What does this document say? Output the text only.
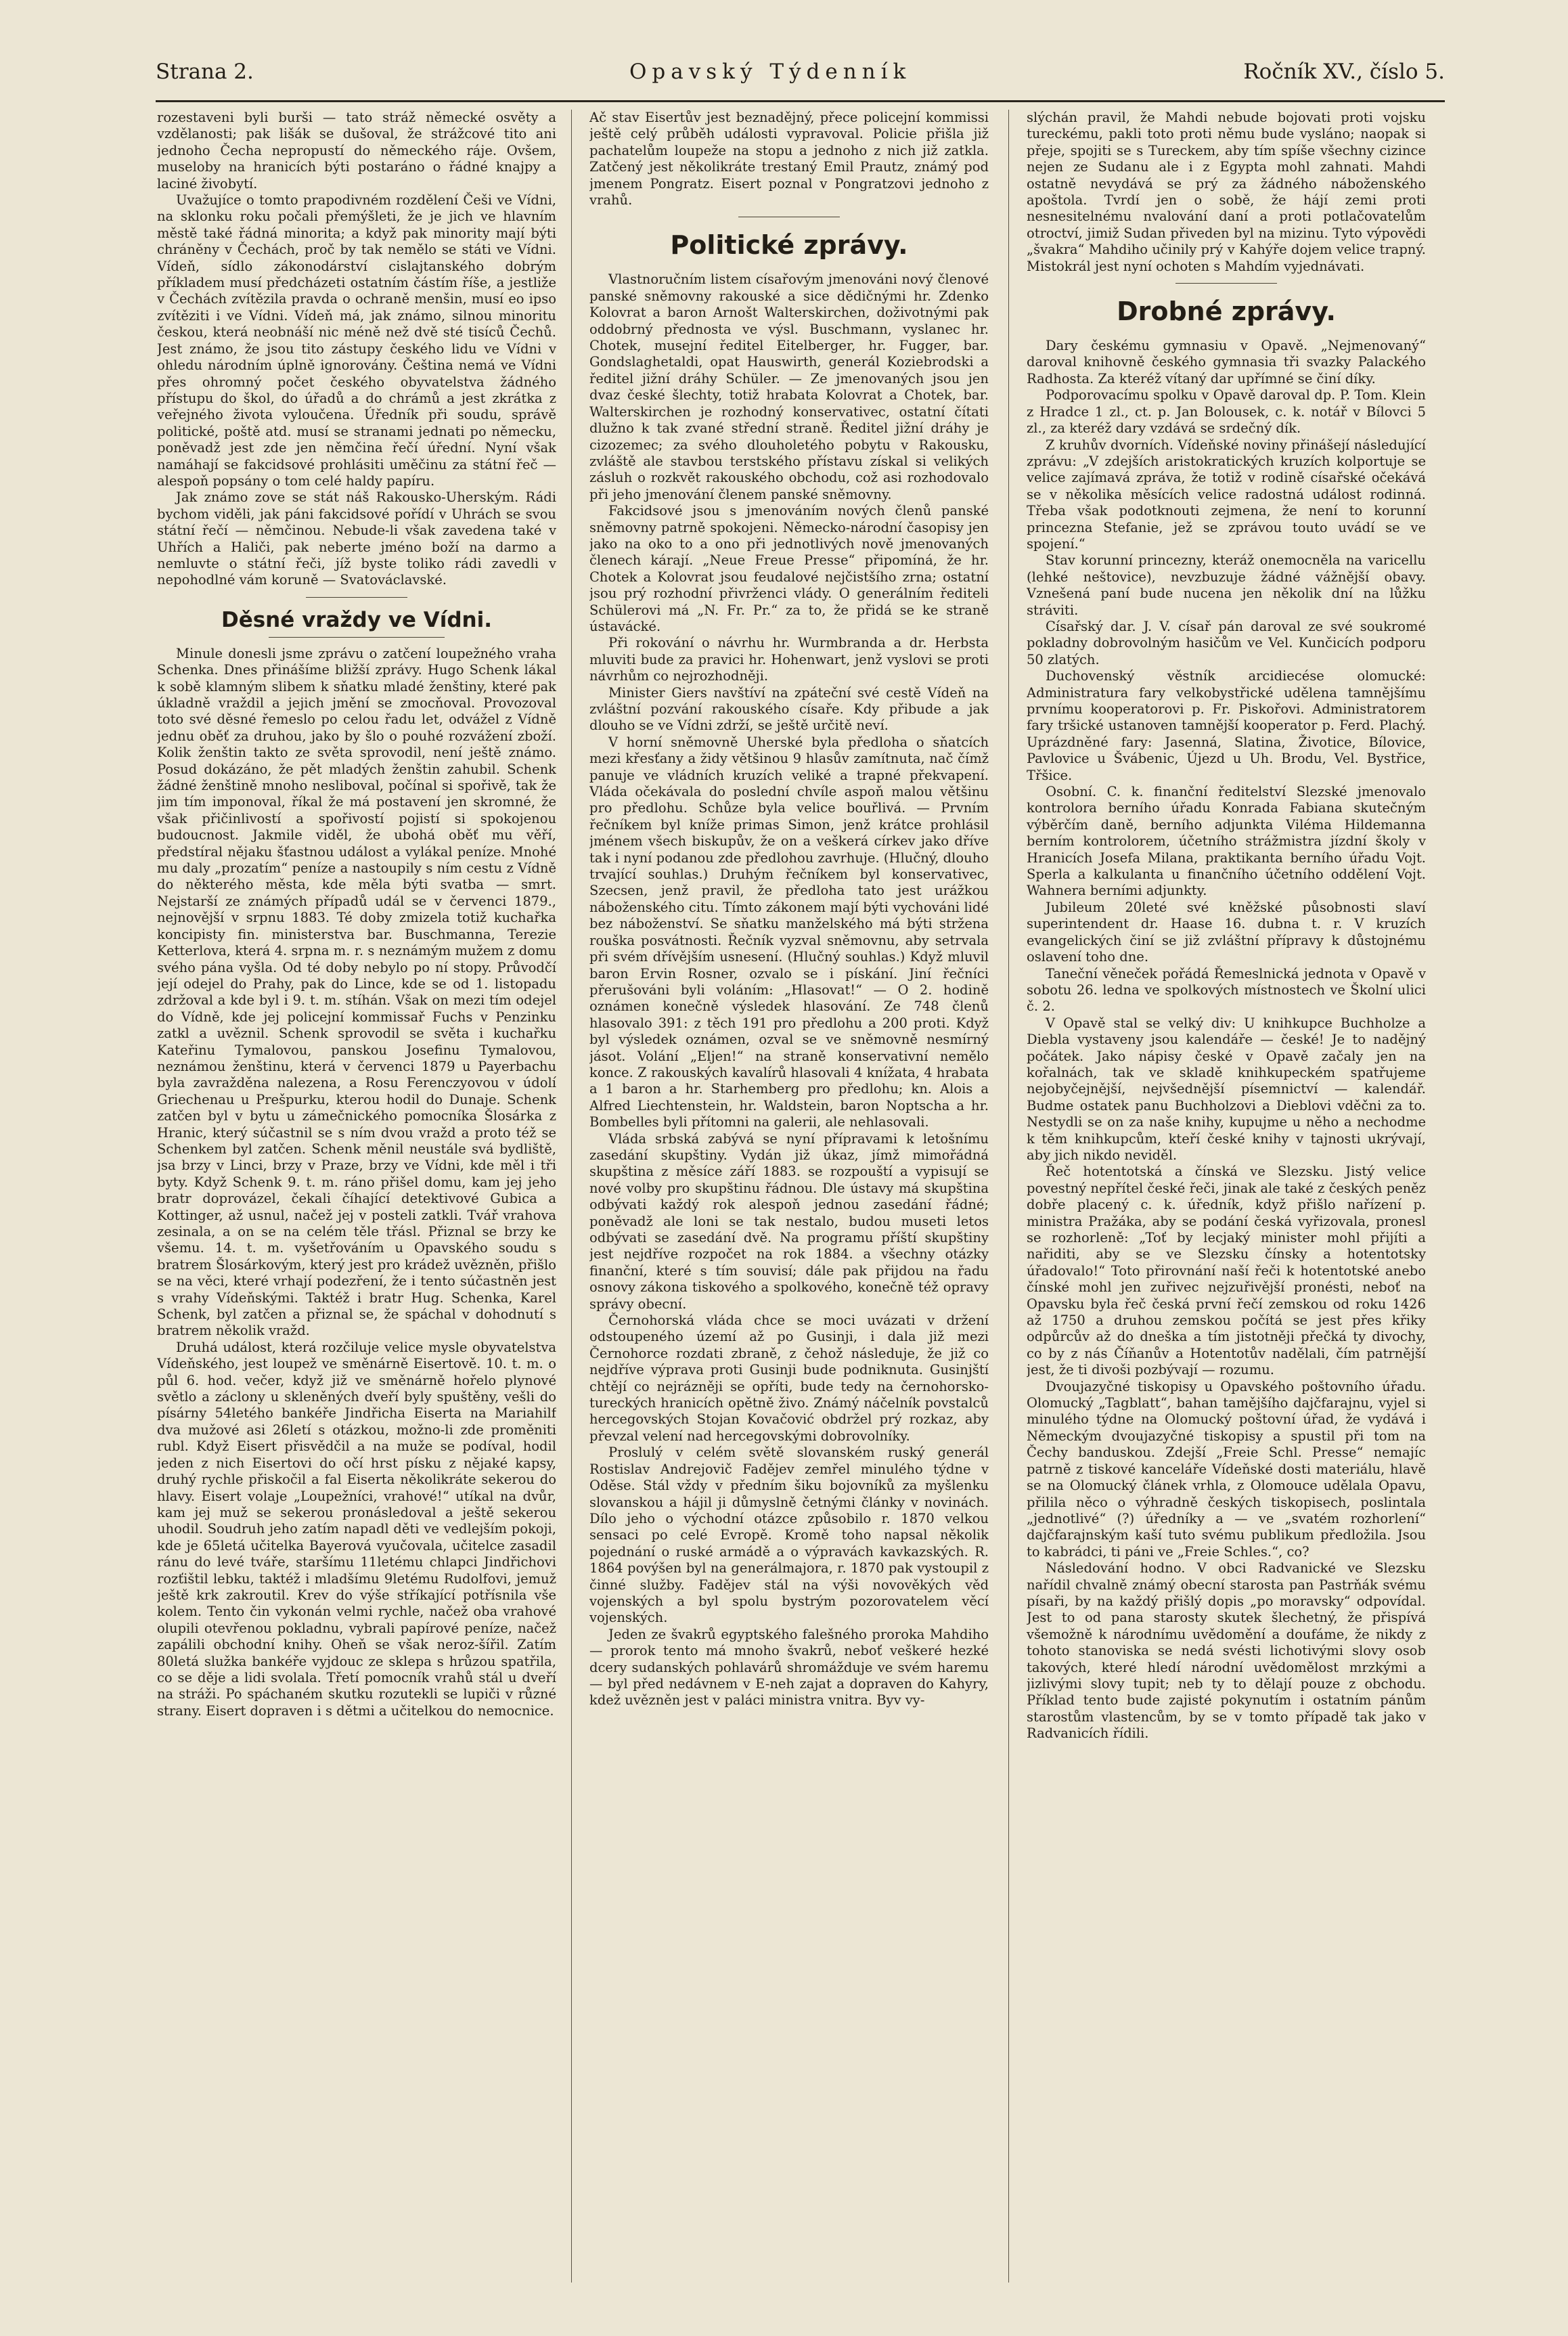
Strana 2.	Opavský Týdenník	Ročník XV., číslo 5.

rozestaveni byli burši — tato stráž německé osvěty a vzdělanosti; pak lišák se dušoval, že strážcové tito ani jednoho Čecha nepropustí do německého ráje. Ovšem, museloby na hranicích býti postaráno o řádné knajpy a laciné živobytí.

Uvažujíce o tomto prapodivném rozdělení Češi ve Vídni, na sklonku roku počali přemýšleti, že je jich ve hlavním městě také řádná minorita; a když pak minority mají býti chráněny v Čechách, proč by tak nemělo se státi ve Vídni. Vídeň, sídlo zákonodárství cislajtanského dobrým příkladem musí předcházeti ostatním částím říše, a jestliže v Čechách zvítězila pravda o ochraně menšin, musí eo ipso zvítěziti i ve Vídni. Vídeň má, jak známo, silnou minoritu českou, která neobnáší nic méně než dvě sté tisíců Čechů. Jest známo, že jsou tito zástupy českého lidu ve Vídni v ohledu národním úplně ignorovány. Čeština nemá ve Vídni přes ohromný počet českého obyvatelstva žádného přístupu do škol, do úřadů a do chrámů a jest zkrátka z veřejného života vyloučena. Úředník při soudu, správě politické, poště atd. musí se stranami jednati po německu, poněvadž jest zde jen němčina řečí úřední. Nyní však namáhají se fakcidsové prohlásiti uměčinu za státní řeč — alespoň popsány o tom celé haldy papíru.

Jak známo zove se stát náš Rakousko-Uherským. Rádi bychom viděli, jak páni fakcidsové pořídí v Uhrách se svou státní řečí — němčinou. Nebude-li však zavedena také v Uhřích a Haliči, pak neberte jméno boží na darmo a nemluvte o státní řeči, jíž byste toliko rádi zavedli v nepohodlné vám koruně — Svatováclavské.

Děsné vraždy ve Vídni.

Minule donesli jsme zprávu o zatčení loupežného vraha Schenka. Dnes přinášíme bližší zprávy. Hugo Schenk lákal k sobě klamným slibem k sňatku mladé ženštiny, které pak úkladně vraždil a jejich jmění se zmocňoval. Provozoval toto své děsné řemeslo po celou řadu let, odvážel z Vídně jednu oběť za druhou, jako by šlo o pouhé rozvážení zboží. Kolik ženštin takto ze světa sprovodil, není ještě známo. Posud dokázáno, že pět mladých ženštin zahubil. Schenk žádné ženštině mnoho nesliboval, počínal si spořivě, tak že jim tím imponoval, říkal že má postavení jen skromné, že však přičinlivostí a spořivostí pojistí si spokojenou budoucnost. Jakmile viděl, že ubohá oběť mu věří, předstíral nějaku šťastnou událost a vylákal peníze. Mnohé mu daly „prozatím“ peníze a nastoupily s ním cestu z Vídně do některého města, kde měla býti svatba — smrt. Nejstarší ze známých případů udál se v červenci 1879., nejnovější v srpnu 1883. Té doby zmizela totiž kuchařka koncipisty fin. ministerstva bar. Buschmanna, Terezie Ketterlova, která 4. srpna m. r. s neznámým mužem z domu svého pána vyšla. Od té doby nebylo po ní stopy. Průvodčí její odejel do Prahy, pak do Lince, kde se od 1. listopadu zdržoval a kde byl i 9. t. m. stíhán. Však on mezi tím odejel do Vídně, kde jej policejní kommissař Fuchs v Penzinku zatkl a uvěznil. Schenk sprovodil se světa i kuchařku Kateřinu Tymalovou, panskou Josefinu Tymalovou, neznámou ženštinu, která v červenci 1879 u Payerbachu byla zavražděna nalezena, a Rosu Ferenczyovou v údolí Griechenau u Prešpurku, kterou hodil do Dunaje. Schenk zatčen byl v bytu u zámečnického pomocníka Šlosárka z Hranic, který súčastnil se s ním dvou vražd a proto též se Schenkem byl zatčen. Schenk měnil neustále svá bydliště, jsa brzy v Linci, brzy v Praze, brzy ve Vídni, kde měl i tři byty. Když Schenk 9. t. m. ráno přišel domu, kam jej jeho bratr doprovázel, čekali číhající detektivové Gubica a Kottinger, až usnul, načež jej v posteli zatkli. Tvář vrahova zesinala, a on se na celém těle třásl. Přiznal se brzy ke všemu. 14. t. m. vyšetřováním u Opavského soudu s bratrem Šlosárkovým, který jest pro krádež uvězněn, přišlo se na věci, které vrhají podezření, že i tento súčastněn jest s vrahy Vídeňskými. Taktéž i bratr Hug. Schenka, Karel Schenk, byl zatčen a přiznal se, že spáchal v dohodnutí s bratrem několik vražd.

Druhá událost, která rozčiluje velice mysle obyvatelstva Vídeňského, jest loupež ve směnárně Eisertově. 10. t. m. o půl 6. hod. večer, když již ve směnárně hořelo plynové světlo a záclony u skleněných dveří byly spuštěny, vešli do písárny 54letého bankéře Jindřicha Eiserta na Mariahilf dva mužové asi 26letí s otázkou, možno-li zde proměniti rubl. Když Eisert přisvědčil a na muže se podíval, hodil jeden z nich Eisertovi do očí hrst písku z nějaké kapsy, druhý rychle přiskočil a fal Eiserta několikráte sekerou do hlavy. Eisert volaje „Loupežníci, vrahové!“ utíkal na dvůr, kam jej muž se sekerou pronásledoval a ještě sekerou uhodil. Soudruh jeho zatím napadl děti ve vedlejším pokoji, kde je 65letá učitelka Bayerová vyučovala, učitelce zasadil ránu do levé tváře, staršímu 11letému chlapci Jindřichovi rozťištil lebku, taktéž i mladšímu 9letému Rudolfovi, jemuž ještě krk zakroutil. Krev do výše stříkající potřísnila vše kolem. Tento čin vykonán velmi rychle, načež oba vrahové olupili otevřenou pokladnu, vybrali papírové peníze, načež zapálili obchodní knihy. Oheň se však neroz-šířil. Zatím 80letá služka bankéře vyjdouc ze sklepa s hrůzou spatřila, co se děje a lidi svolala. Třetí pomocník vrahů stál u dveří na stráži. Po spáchaném skutku rozutekli se lupiči v různé strany. Eisert dopraven i s dětmi a učitelkou do nemocnice.

Ač stav Eisertův jest beznadějný, přece policejní kommissi ještě celý průběh události vypravoval. Policie přišla již pachatelům loupeže na stopu a jednoho z nich již zatkla. Zatčený jest několikráte trestaný Emil Prautz, známý pod jmenem Pongratz. Eisert poznal v Pongratzovi jednoho z vrahů.

Politické zprávy.

Vlastnoručním listem císařovým jmenováni nový členové panské sněmovny rakouské a sice dědičnými hr. Zdenko Kolovrat a baron Arnošt Walterskirchen, doživotnými pak oddobrný přednosta ve výsl. Buschmann, vyslanec hr. Chotek, musejní ředitel Eitelberger, hr. Fugger, bar. Gondslaghetaldi, opat Hauswirth, generál Koziebrodski a ředitel jižní dráhy Schüler. — Ze jmenovaných jsou jen dvaz české šlechty, totiž hrabata Kolovrat a Chotek, bar. Walterskirchen je rozhodný konservativec, ostatní čítati dlužno k tak zvané střední straně. Ředitel jižní dráhy je cizozemec; za svého dlouholetého pobytu v Rakousku, zvláště ale stavbou terstského přístavu získal si velikých zásluh o rozkvět rakouského obchodu, což asi rozhodovalo při jeho jmenování členem panské sněmovny.

Fakcidsové jsou s jmenováním nových členů panské sněmovny patrně spokojeni. Německo-národní časopisy jen jako na oko to a ono při jednotlivých nově jmenovaných členech kárají. „Neue Freue Presse“ připomíná, že hr. Chotek a Kolovrat jsou feudalové nejčistšího zrna; ostatní jsou prý rozhodní přivrženci vlády. O generálním řediteli Schülerovi má „N. Fr. Pr.“ za to, že přidá se ke straně ústavácké.

Při rokování o návrhu hr. Wurmbranda a dr. Herbsta mluviti bude za pravici hr. Hohenwart, jenž vyslovi se proti návrhům co nejrozhodněji.

Minister Giers navštíví na zpáteční své cestě Vídeň na zvláštní pozvání rakouského císaře. Kdy přibude a jak dlouho se ve Vídni zdrží, se ještě určitě neví.

V horní sněmovně Uherské byla předloha o sňatcích mezi křesťany a židy většinou 9 hlasův zamítnuta, nač čímž panuje ve vládních kruzích veliké a trapné překvapení. Vláda očekávala do poslední chvíle aspoň malou většinu pro předlohu. Schůze byla velice bouřlivá. — Prvním řečníkem byl kníže primas Simon, jenž krátce prohlásil jménem všech biskupův, že on a veškerá církev jako dříve tak i nyní podanou zde předlohou zavrhuje. (Hlučný, dlouho trvající souhlas.) Druhým řečníkem byl konservativec, Szecsen, jenž pravil, že předloha tato jest urážkou náboženského citu. Tímto zákonem mají býti vychováni lidé bez náboženství. Se sňatku manželského má býti stržena rouška posvátnosti. Řečník vyzval sněmovnu, aby setrvala při svém dřívějším usnesení. (Hlučný souhlas.) Když mluvil baron Ervin Rosner, ozvalo se i pískání. Jiní řečníci přerušováni byli voláním: „Hlasovat!“ — O 2. hodině oznámen konečně výsledek hlasování. Ze 748 členů hlasovalo 391: z těch 191 pro předlohu a 200 proti. Když byl výsledek oznámen, ozval se ve sněmovně nesmírný jásot. Volání „Eljen!“ na straně konservativní nemělo konce. Z rakouských kavalírů hlasovali 4 knížata, 4 hrabata a 1 baron a hr. Starhemberg pro předlohu; kn. Alois a Alfred Liechtenstein, hr. Waldstein, baron Noptscha a hr. Bombelles byli přítomni na galerii, ale nehlasovali.

Vláda srbská zabývá se nyní přípravami k letošnímu zasedání skupštiny. Vydán již úkaz, jímž mimořádná skupština z měsíce září 1883. se rozpouští a vypisují se nové volby pro skupštinu řádnou. Dle ústavy má skupština odbývati každý rok alespoň jednou zasedání řádné; poněvadž ale loni se tak nestalo, budou museti letos odbývati se zasedání dvě. Na programu příští skupštiny jest nejdříve rozpočet na rok 1884. a všechny otázky finanční, které s tím souvisí; dále pak přijdou na řadu osnovy zákona tiskového a spolkového, konečně též opravy správy obecní.

Černohorská vláda chce se moci uvázati v držení odstoupeného území až po Gusinji, i dala již mezi Černohorce rozdati zbraně, z čehož následuje, že již co nejdříve výprava proti Gusinji bude podniknuta. Gusinjští chtějí co nejrázněji se opříti, bude tedy na černohorsko-tureckých hranicích opětně živo. Známý náčelník povstalců hercegovských Stojan Kovačović obdržel prý rozkaz, aby převzal velení nad hercegovskými dobrovolníky.

Proslulý v celém světě slovanském ruský generál Rostislav Andrejovič Fadějev zemřel minulého týdne v Oděse. Stál vždy v předním šiku bojovníků za myšlenku slovanskou a hájil ji důmyslně četnými články v novinách. Dílo jeho o východní otázce způsobilo r. 1870 velkou sensaci po celé Evropě. Kromě toho napsal několik pojednání o ruské armádě a o výpravách kavkazských. R. 1864 povýšen byl na generálmajora, r. 1870 pak vystoupil z činné služby. Fadějev stál na výši novověkých věd vojenských a byl spolu bystrým pozorovatelem věcí vojenských.

Jeden ze švakrů egyptského falešného proroka Mahdiho — prorok tento má mnoho švakrů, neboť veškeré hezké dcery sudanských pohlavárů shromážduje ve svém haremu — byl před nedávnem v E-neh zajat a dopraven do Kahyry, kdež uvězněn jest v paláci ministra vnitra. Byv vy-

slýchán pravil, že Mahdi nebude bojovati proti vojsku tureckému, pakli toto proti němu bude vysláno; naopak si přeje, spojiti se s Tureckem, aby tím spíše všechny cizince nejen ze Sudanu ale i z Egypta mohl zahnati. Mahdi ostatně nevydává se prý za žádného náboženského apoštola. Tvrdí jen o sobě, že hájí zemi proti nesnesitelnému nvalování daní a proti potlačovatelům otroctví, jimiž Sudan přiveden byl na mizinu. Tyto výpovědi „švakra“ Mahdiho učinily prý v Kahýře dojem velice trapný. Mistokrál jest nyní ochoten s Mahdím vyjednávati.

Drobné zprávy.

Dary českému gymnasiu v Opavě. „Nejmenovaný“ daroval knihovně českého gymnasia tři svazky Palackého Radhosta. Za kteréž vítaný dar upřímné se činí díky.

Podporovacímu spolku v Opavě daroval dp. P. Tom. Klein z Hradce 1 zl., ct. p. Jan Bolousek, c. k. notář v Bílovci 5 zl., za kteréž dary vzdává se srdečný dík.

Z kruhův dvorních. Vídeňské noviny přinášejí následující zprávu: „V zdejších aristokratických kruzích kolportuje se velice zajímavá zpráva, že totiž v rodině císařské očekává se v několika měsících velice radostná událost rodinná. Třeba však podotknouti zejmena, že není to korunní princezna Stefanie, jež se zprávou touto uvádí se ve spojení.“

Stav korunní princezny, kteráž onemocněla na varicellu (lehké neštovice), nevzbuzuje žádné vážnější obavy. Vznešená paní bude nucena jen několik dní na lůžku stráviti.

Císařský dar. J. V. císař pán daroval ze své soukromé pokladny dobrovolným hasičům ve Vel. Kunčicích podporu 50 zlatých.

Duchovenský věstník arcidiecése olomucké: Administratura fary velkobystřické udělena tamnějšímu prvnímu kooperatorovi p. Fr. Piskořovi. Administratorem fary tršické ustanoven tamnější kooperator p. Ferd. Plachý. Uprázdněné fary: Jasenná, Slatina, Životice, Bílovice, Pavlovice u Švábenic, Újezd u Uh. Brodu, Vel. Bystřice, Třšice.

Osobní. C. k. finanční ředitelství Slezské jmenovalo kontrolora berního úřadu Konrada Fabiana skutečným výběrčím daně, berního adjunkta Viléma Hildemanna berním kontrolorem, účetního strážmistra jízdní školy v Hranicích Josefa Milana, praktikanta berního úřadu Vojt. Sperla a kalkulanta u finančního účetního oddělení Vojt. Wahnera berními adjunkty.

Jubileum 20leté své kněžské působnosti slaví superintendent dr. Haase 16. dubna t. r. V kruzích evangelických činí se již zvláštní přípravy k důstojnému oslavení toho dne.

Taneční věneček pořádá Řemeslnická jednota v Opavě v sobotu 26. ledna ve spolkových místnostech ve Školní ulici č. 2.

V Opavě stal se velký div: U knihkupce Buchholze a Diebla vystaveny jsou kalendáře — české! Je to nadějný počátek. Jako nápisy české v Opavě začaly jen na kořalnách, tak ve skladě knihkupeckém spatřujeme nejobyčejnější, nejvšednější písemnictví — kalendář. Budme ostatek panu Buchholzovi a Dieblovi vděčni za to. Nestydli se on za naše knihy, kupujme u něho a nechodme k těm knihkupcům, kteří české knihy v tajnosti ukrývají, aby jich nikdo neviděl.

Řeč hotentotská a čínská ve Slezsku. Jistý velice povestný nepřítel české řeči, jinak ale také z českých peněz dobře placený c. k. úředník, když přišlo nařízení p. ministra Pražáka, aby se podání česká vyřizovala, pronesl se rozhorleně: „Toť by lecjaký minister mohl přijíti a nařiditi, aby se ve Slezsku čínsky a hotentotsky úřadovalo!“ Toto přirovnání naší řeči k hotentotské anebo čínské mohl jen zuřivec nejzuřivější pronésti, neboť na Opavsku byla řeč česká první řečí zemskou od roku 1426 až 1750 a druhou zemskou počítá se jest přes křiky odpůrcův až do dneška a tím jistotněji přečká ty divochy, co by z nás Číňanův a Hotentotův nadělali, čím patrnější jest, že ti divoši pozbývají — rozumu.

Dvoujazyčné tiskopisy u Opavského poštovního úřadu. Olomucký „Tagblatt“, bahan tamějšího dajčfarajnu, vyjel si minulého týdne na Olomucký poštovní úřad, že vydává i Německým dvoujazyčné tiskopisy a spustil při tom na Čechy banduskou. Zdejší „Freie Schl. Presse“ nemajíc patrně z tiskové kanceláře Vídeňské dosti materiálu, hlavě se na Olomucký článek vrhla, z Olomouce udělala Opavu, přilila něco o výhradně českých tiskopisech, poslintala „jednotlivé“ (?) úředníky a — ve „svatém rozhorlení“ dajčfarajnským kaší tuto svému publikum předložila. Jsou to kabrádci, ti páni ve „Freie Schles.“, co?

Následování hodno. V obci Radvanické ve Slezsku nařídil chvalně známý obecní starosta pan Pastrňák svému písaři, by na každý přišlý dopis „po moravsky“ odpovídal. Jest to od pana starosty skutek šlechetný, že přispívá všemožně k národnímu uvědomění a doufáme, že nikdy z tohoto stanoviska se nedá svésti lichotivými slovy osob takových, které hledí národní uvědomělost mrzkými a jizlivými slovy tupit; neb ty to dělají pouze z obchodu. Příklad tento bude zajisté pokynutím i ostatním pánům starostům vlastencům, by se v tomto případě tak jako v Radvanicích řídili.
